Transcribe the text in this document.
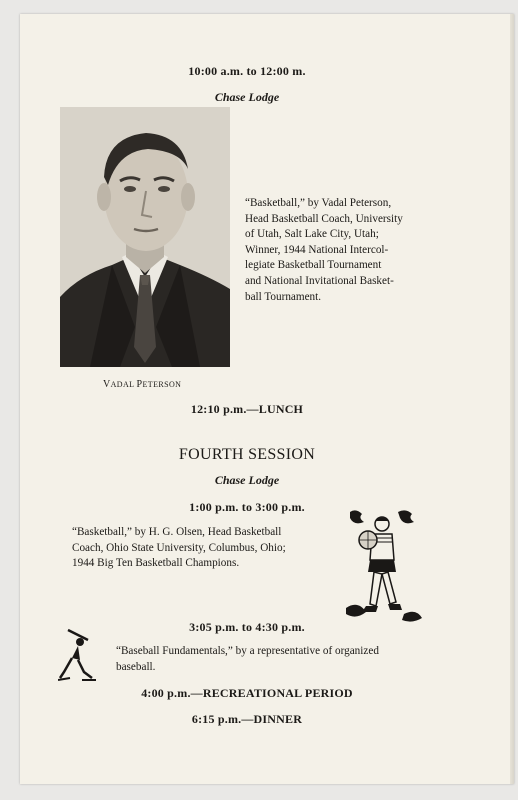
10:00 a.m. to 12:00 m.
Chase Lodge
VADAL PETERSON
“Basketball,” by Vadal Peterson,
Head Basketball Coach, University
of Utah, Salt Lake City, Utah;
Winner, 1944 National Intercol-
legiate Basketball Tournament
and National Invitational Basket-
ball Tournament.
12:10 p.m.—LUNCH
FOURTH SESSION
Chase Lodge
1:00 p.m. to 3:00 p.m.
“Basketball,” by H. G. Olsen, Head Basketball
Coach, Ohio State University, Columbus, Ohio;
1944 Big Ten Basketball Champions.
3:05 p.m. to 4:30 p.m.
“Baseball Fundamentals,” by a representative of organized
baseball.
4:00 p.m.—RECREATIONAL PERIOD
6:15 p.m.—DINNER
